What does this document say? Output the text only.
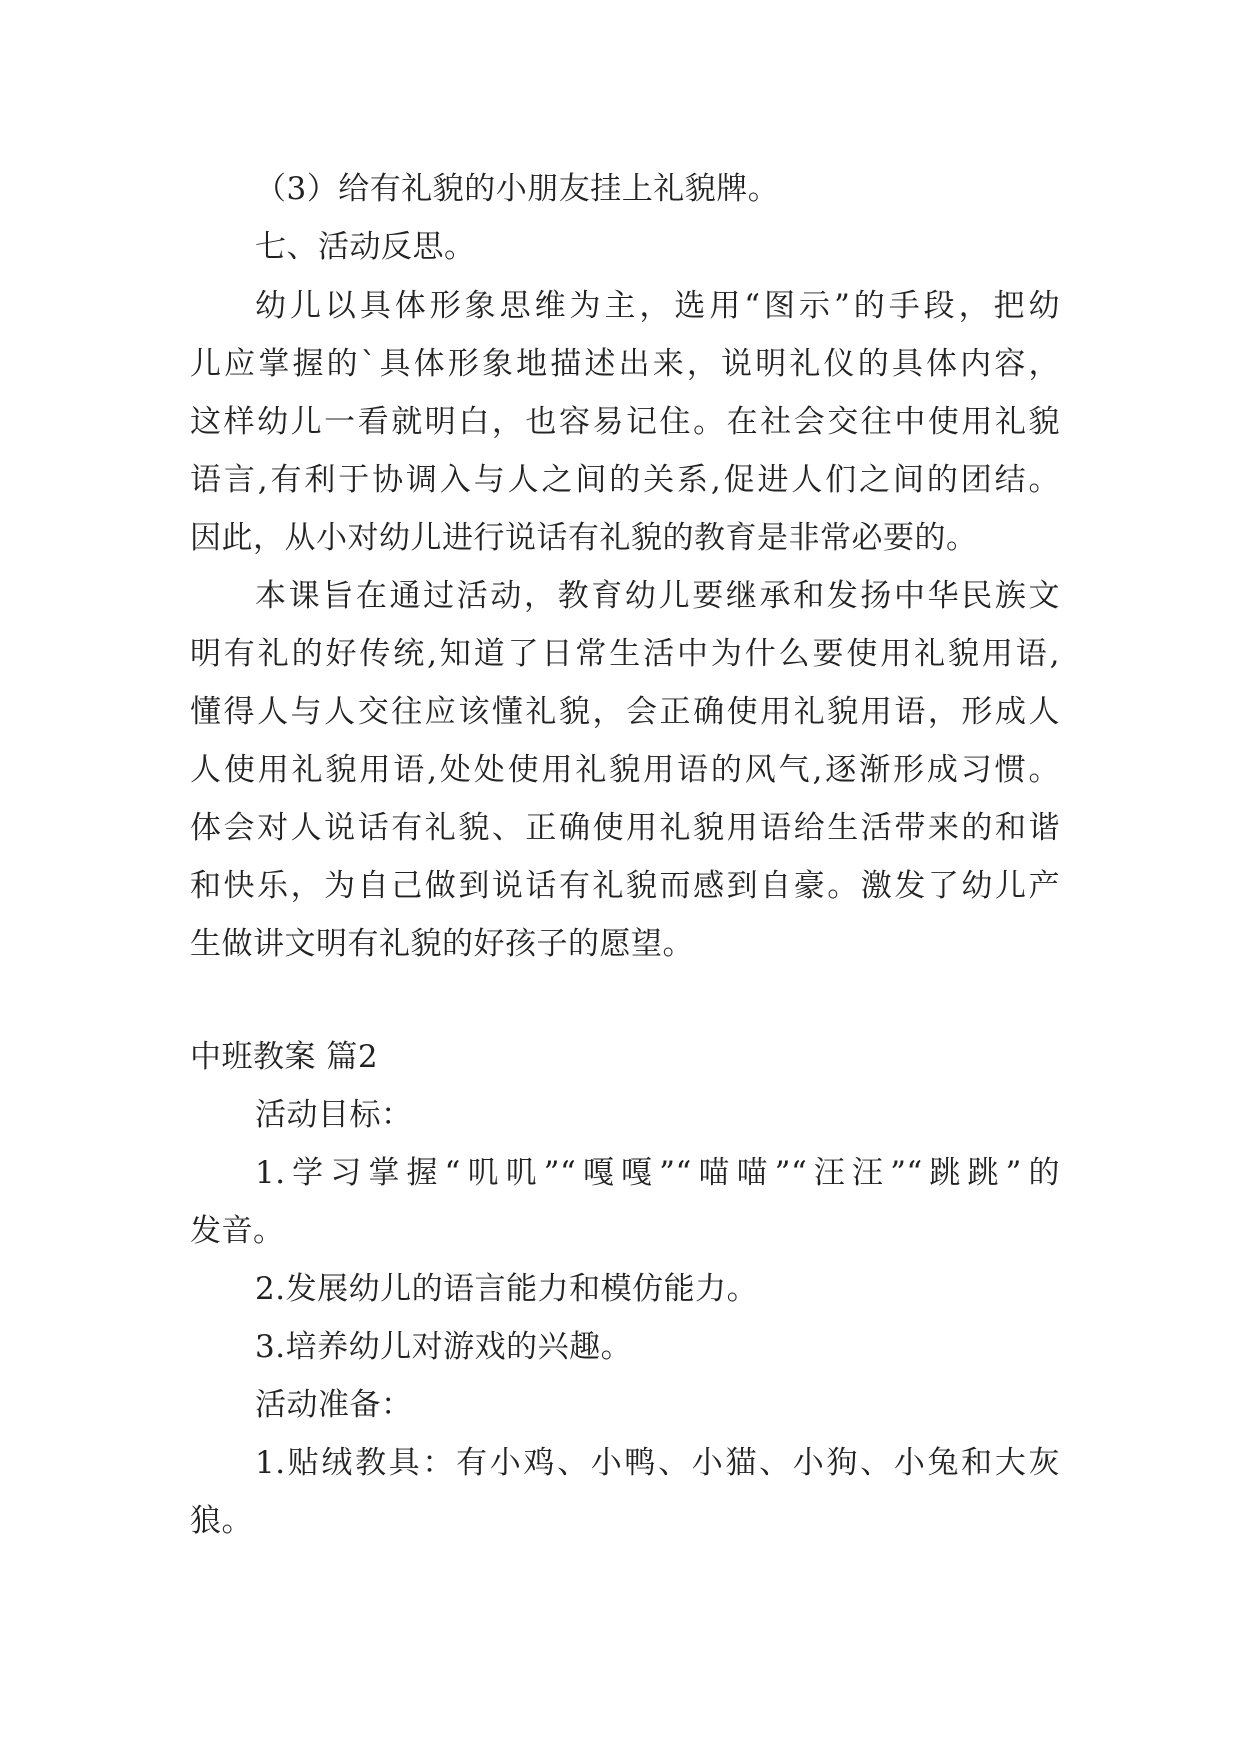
（3）给有礼貌的小朋友挂上礼貌牌。
七、活动反思。
幼儿以具体形象思维为主，选用“图示”的手段，把幼
儿应掌握的`具体形象地描述出来，说明礼仪的具体内容，
这样幼儿一看就明白，也容易记住。在社会交往中使用礼貌
语言,有利于协调入与人之间的关系,促进人们之间的团结。
因此，从小对幼儿进行说话有礼貌的教育是非常必要的。
本课旨在通过活动，教育幼儿要继承和发扬中华民族文
明有礼的好传统,知道了日常生活中为什么要使用礼貌用语,
懂得人与人交往应该懂礼貌，会正确使用礼貌用语，形成人
人使用礼貌用语,处处使用礼貌用语的风气,逐渐形成习惯。
体会对人说话有礼貌、正确使用礼貌用语给生活带来的和谐
和快乐，为自己做到说话有礼貌而感到自豪。激发了幼儿产
生做讲文明有礼貌的好孩子的愿望。
中班教案 篇2
活动目标：
1.学习掌握“叽叽”“嘎嘎”“喵喵”“汪汪”“跳跳”的
发音。
2.发展幼儿的语言能力和模仿能力。
3.培养幼儿对游戏的兴趣。
活动准备：
1.贴绒教具：有小鸡、小鸭、小猫、小狗、小兔和大灰
狼。
